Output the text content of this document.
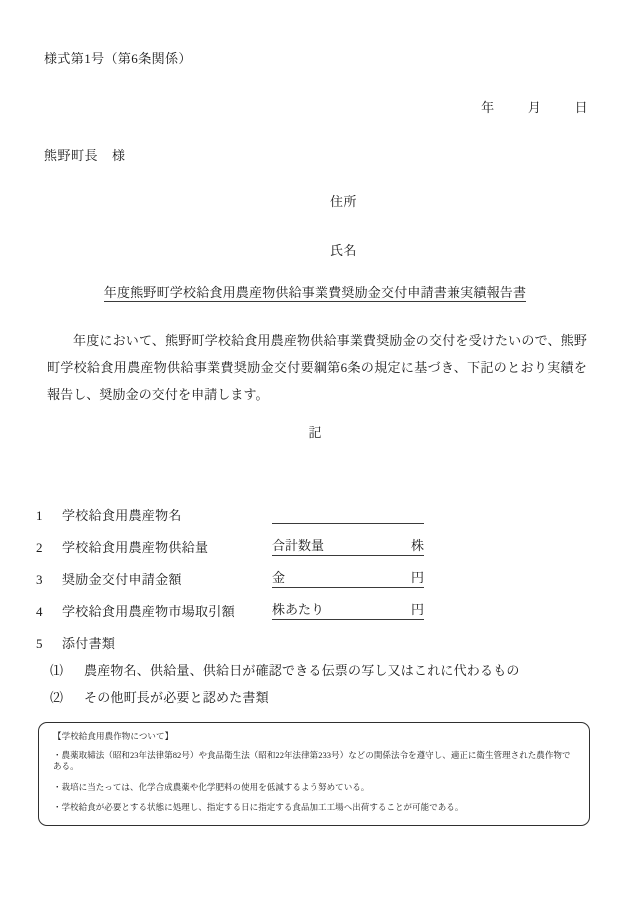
様式第1号（第6条関係）
年	月	日
熊野町長 様
住所
氏名
年度熊野町学校給食用農産物供給事業費奨励金交付申請書兼実績報告書
年度において、熊野町学校給食用農産物供給事業費奨励金の交付を受けたいので、熊野町学校給食用農産物供給事業費奨励金交付要綱第6条の規定に基づき、下記のとおり実績を報告し、奨励金の交付を申請します。
記
1	学校給食用農産物名
2	学校給食用農産物供給量	合計数量	株
3	奨励金交付申請金額	金	円
4	学校給食用農産物市場取引額	株あたり	円
5	添付書類
⑴	農産物名、供給量、供給日が確認できる伝票の写し又はこれに代わるもの
⑵	その他町長が必要と認めた書類
【学校給食用農作物について】
・農薬取締法（昭和23年法律第82号）や食品衛生法（昭和22年法律第233号）などの関係法令を遵守し、適正に衛生管理された農作物である。
・栽培に当たっては、化学合成農薬や化学肥料の使用を低減するよう努めている。
・学校給食が必要とする状態に処理し、指定する日に指定する食品加工工場へ出荷することが可能である。
